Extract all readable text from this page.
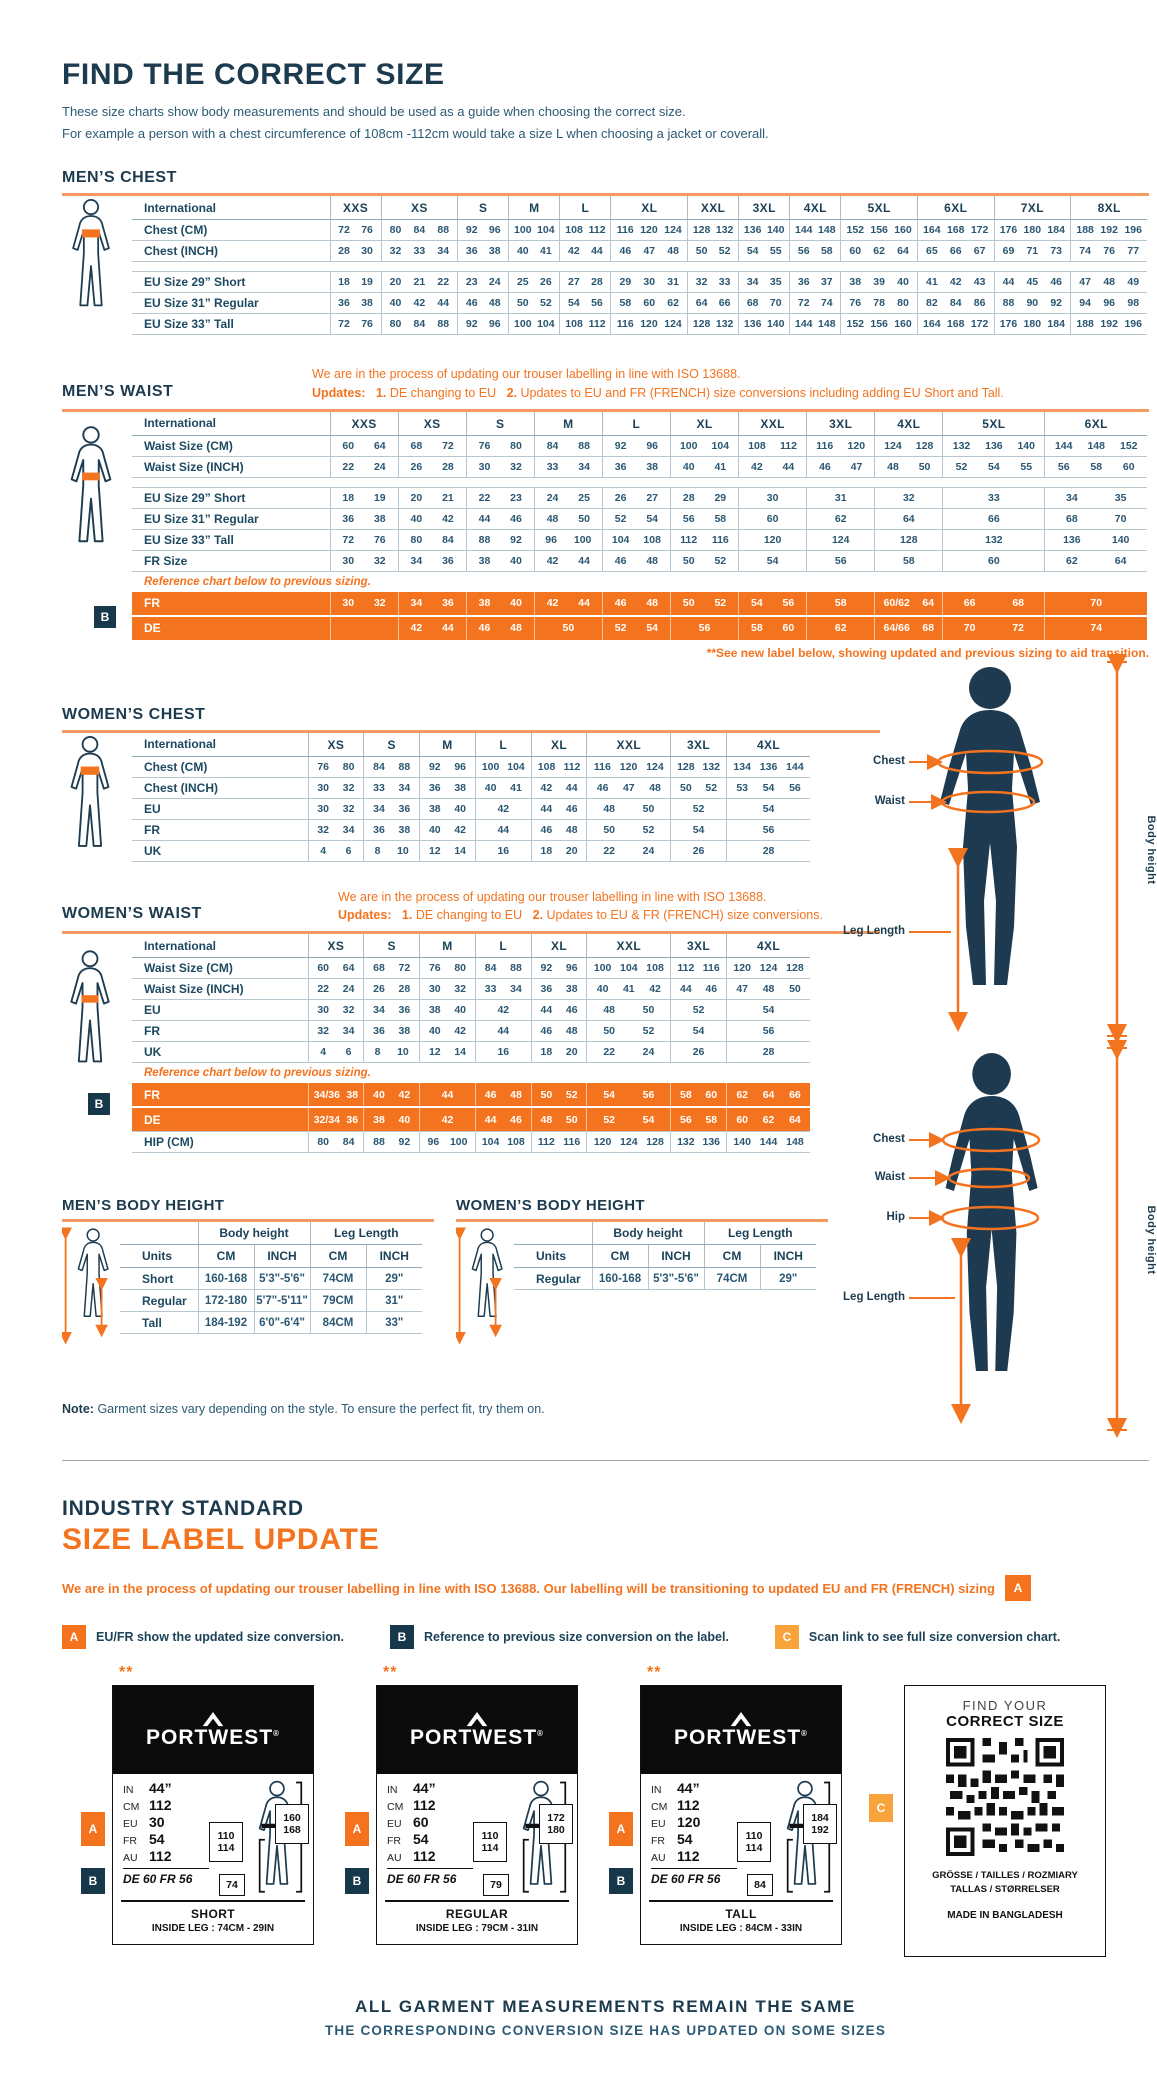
FIND THE CORRECT SIZE

These size charts show body measurements and should be used as a guide when choosing the correct size.

For example a person with a chest circumference of 108cm -112cm would take a size L when choosing a jacket or coverall.

MEN’S CHEST
International	XXS	XS	S	M	L	XL	XXL	3XL	4XL	5XL	6XL	7XL	8XL
Chest (CM)	72 76	80 84 88	92 96	100 104	108 112	116 120 124	128 132	136 140	144 148	152 156 160	164 168 172	176 180 184	188 192 196

Chest (INCH)	28 30	32 33 34	36 38	40 41	42 44	46 47 48	50 52	54 55	56 58	60 62 64	65 66 67	69 71 73	74 76 77

EU Size 29” Short	18 19	20 21 22	23 24	25 26	27 28	29 30 31	32 33	34 35	36 37	38 39 40	41 42 43	44 45 46	47 48 49

EU Size 31” Regular	36 38	40 42 44	46 48	50 52	54 56	58 60 62	64 66	68 70	72 74	76 78 80	82 84 86	88 90 92	94 96 98

EU Size 33” Tall	72 76	80 84 88	92 96	100 104	108 112	116 120 124	128 132	136 140	144 148	152 156 160	164 168 172	176 180 184	188 192 196
MEN’S WAIST
We are in the process of updating our trouser labelling in line with ISO 13688.
Updates: 1. DE changing to EU 2. Updates to EU and FR (FRENCH) size conversions including adding EU Short and Tall.
International	XXS	XS	S	M	L	XL	XXL	3XL	4XL	5XL	6XL
Waist Size (CM)	60 64	68 72	76 80	84 88	92 96	100 104	108 112	116 120	124 128	132 136 140	144 148 152

Waist Size (INCH)	22 24	26 28	30 32	33 34	36 38	40 41	42 44	46 47	48 50	52 54 55	56 58 60

EU Size 29” Short	18 19	20 21	22 23	24 25	26 27	28 29	30	31	32	33	34 35

EU Size 31” Regular	36 38	40 42	44 46	48 50	52 54	56 58	60	62	64	66	68 70

EU Size 33” Tall	72 76	80 84	88 92	96 100	104 108	112 116	120	124	128	132	136 140

FR Size	30 32	34 36	38 40	42 44	46 48	50 52	54	56	58	60	62 64

Reference chart below to previous sizing.											
FR	30 32	34 36	38 40	42 44	46 48	50 52	54 56	58	60/62 64	66 68	70

DE		42 44	46 48	50	52 54	56	58 60	62	64/66 68	70 72	74
B
**See new label below, showing updated and previous sizing to aid transition.
WOMEN’S CHEST
International	XS	S	M	L	XL	XXL	3XL	4XL
Chest (CM)	76 80	84 88	92 96	100 104	108 112	116 120 124	128 132	134 136 144

Chest (INCH)	30 32	33 34	36 38	40 41	42 44	46 47 48	50 52	53 54 56

EU	30 32	34 36	38 40	42	44 46	48 50	52	54

FR	32 34	36 38	40 42	44	46 48	50 52	54	56

UK	4 6	8 10	12 14	16	18 20	22 24	26	28
WOMEN’S WAIST
We are in the process of updating our trouser labelling in line with ISO 13688.
Updates: 1. DE changing to EU 2. Updates to EU & FR (FRENCH) size conversions.
International	XS	S	M	L	XL	XXL	3XL	4XL
Waist Size (CM)	60 64	68 72	76 80	84 88	92 96	100 104 108	112 116	120 124 128

Waist Size (INCH)	22 24	26 28	30 32	33 34	36 38	40 41 42	44 46	47 48 50

EU	30 32	34 36	38 40	42	44 46	48 50	52	54

FR	32 34	36 38	40 42	44	46 48	50 52	54	56

UK	4 6	8 10	12 14	16	18 20	22 24	26	28

Reference chart below to previous sizing.								
FR	34/36 38	40 42	44	46 48	50 52	54 56	58 60	62 64 66

DE	32/34 36	38 40	42	44 46	48 50	52 54	56 58	60 62 64

HIP (CM)	80 84	88 92	96 100	104 108	112 116	120 124 128	132 136	140 144 148
B
MEN’S BODY HEIGHT
	Body height		Leg Length	
Units	CM	INCH	CM	INCH
Short	160-168	5'3"-5'6"	74CM	29"
Regular	172-180	5'7"-5'11"	79CM	31"
Tall	184-192	6'0"-6'4"	84CM	33"
WOMEN’S BODY HEIGHT
	Body height		Leg Length	
Units	CM	INCH	CM	INCH
Regular	160-168	5'3"-5'6"	74CM	29"

Note: Garment sizes vary depending on the style. To ensure the perfect fit, try them on.

INDUSTRY STANDARD
SIZE LABEL UPDATE
We are in the process of updating our trouser labelling in line with ISO 13688. Our labelling will be transitioning to updated EU and FR (FRENCH) sizing	A
A	EU/FR show the updated size conversion.	B	Reference to previous size conversion on the label.	C	Scan link to see full size conversion chart.
**
PORTWEST®
IN	44”
CM 112
EU 30
FR 54
AU 112
DE 60 FR 56
110
114
160
168
74
SHORT
INSIDE LEG : 74CM - 29IN
A
B
**
PORTWEST®
IN	44”
CM 112
EU 60
FR 54
AU 112
DE 60 FR 56
110
114
172
180
79
REGULAR
INSIDE LEG : 79CM - 31IN
A
B
**
PORTWEST®
IN	44”
CM 112
EU 120
FR 54
AU 112
DE 60 FR 56
110
114
184
192
84
TALL
INSIDE LEG : 84CM - 33IN
A
B
FIND YOUR
CORRECT SIZE
GRÖSSE / TAILLES / ROZMIARY
TALLAS / STØRRELSER
MADE IN BANGLADESH
C
ALL GARMENT MEASUREMENTS REMAIN THE SAME
THE CORRESPONDING CONVERSION SIZE HAS UPDATED ON SOME SIZES
Chest
Waist
Leg Length
Body height
Chest
Waist
Hip
Leg Length
Body height
